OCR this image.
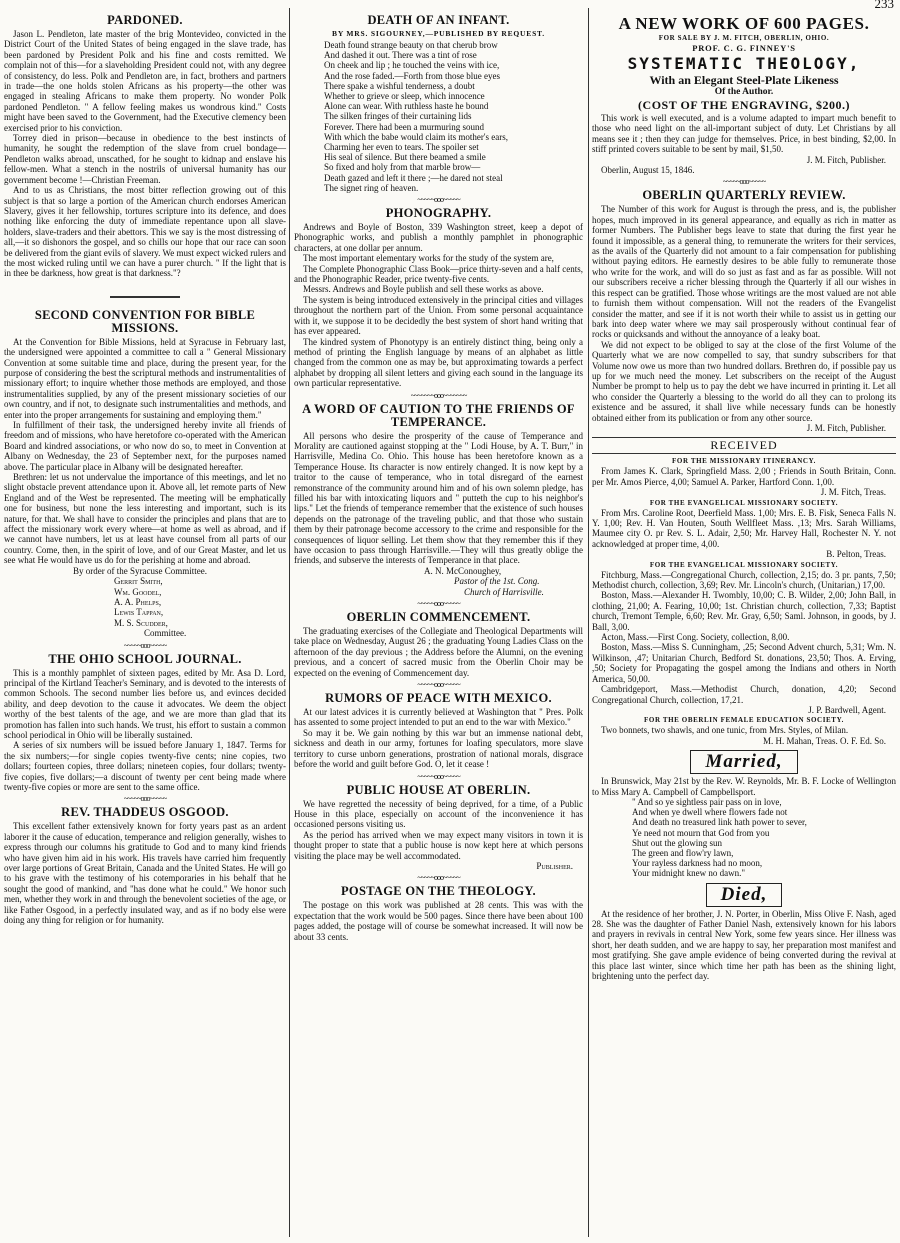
233
PARDONED.

Jason L. Pendleton, late master of the brig Montevideo, convicted in the District Court of the United States of being engaged in the slave trade, has been pardoned by President Polk and his fine and costs remitted. We complain not of this—for a slaveholding President could not, with any degree of consistency, do less. Polk and Pendleton are, in fact, brothers and partners in trade—the one holds stolen Africans as his property—the other was engaged in stealing Africans to make them property. No wonder Polk pardoned Pendleton. " A fellow feeling makes us wondrous kind." Costs might have been saved to the Government, had the Executive clemency been exercised prior to his conviction.

Torrey died in prison—because in obedience to the best instincts of humanity, he sought the redemption of the slave from cruel bondage—Pendleton walks abroad, unscathed, for he sought to kidnap and enslave his fellow-men. What a stench in the nostrils of universal humanity has our government become !—Christian Freeman.

And to us as Christians, the most bitter reflection growing out of this subject is that so large a portion of the American church endorses American Slavery, gives it her fellowship, tortures scripture into its defence, and does nothing like enforcing the duty of immediate repentance upon all slave-holders, slave-traders and their abettors. This we say is the most distressing of all,—it so dishonors the gospel, and so chills our hope that our race can soon be delivered from the giant evils of slavery. We must expect wicked rulers and the most wicked ruling until we can have a purer church. " If the light that is in thee be darkness, how great is that darkness."?

SECOND CONVENTION FOR BIBLE MISSIONS.

At the Convention for Bible Missions, held at Syracuse in February last, the undersigned were appointed a committee to call a " General Missionary Convention at some suitable time and place, during the present year, for the purpose of considering the best the scriptural methods and instrumentalities of missionary effort; to inquire whether those methods are employed, and those instrumentalities supplied, by any of the present missionary societies of our own country, and if not, to designate such instrumentalities and methods, and enter into the proper arrangements for sustaining and employing them."

In fulfillment of their task, the undersigned hereby invite all friends of freedom and of missions, who have heretofore co-operated with the American Board and kindred associations, or who now do so, to meet in Convention at Albany on Wednesday, the 23 of September next, for the purposes named above. The particular place in Albany will be designated hereafter.

Brethren: let us not undervalue the importance of this meetings, and let no slight obstacle prevent attendance upon it. Above all, let remote parts of New England and of the West be represented. The meeting will be emphatically one for business, but none the less interesting and important, such is its nature, for that. We shall have to consider the principles and plans that are to affect the missionary work every where—at home as well as abroad, and if we cannot have numbers, let us at least have counsel from all parts of our country. Come, then, in the spirit of love, and of our Great Master, and let us see what He would have us do for the perishing at home and abroad.

By order of the Syracuse Committee.
Gerrit Smith,
Wm. Goodel,
A. A. Phelps,
Lewis Tappan,
M. S. Scudder,
Committee.
~~~~~ooo~~~~~
THE OHIO SCHOOL JOURNAL.

This is a monthly pamphlet of sixteen pages, edited by Mr. Asa D. Lord, principal of the Kirtland Teacher's Seminary, and is devoted to the interests of common Schools. The second number lies before us, and evinces decided ability, and deep devotion to the cause it advocates. We deem the object worthy of the best talents of the age, and we are more than glad that its promotion has fallen into such hands. We trust, his effort to sustain a common school periodical in Ohio will be liberally sustained.

A series of six numbers will be issued before January 1, 1847. Terms for the six numbers;—for single copies twenty-five cents; nine copies, two dollars; fourteen copies, three dollars; nineteen copies, four dollars; twenty-five copies, five dollars;—a discount of twenty per cent being made where twenty-five copies or more are sent to the same office.

~~~~~ooo~~~~~
REV. THADDEUS OSGOOD.

This excellent father extensively known for forty years past as an ardent laborer it the cause of education, temperance and religion generally, wishes to express through our columns his gratitude to God and to many kind friends who have given him aid in his work. His travels have carried him frequently over large portions of Great Britain, Canada and the United States. He will go to his grave with the testimony of his cotemporaries in his behalf that he sought the good of mankind, and "has done what he could." We honor such men, whether they work in and through the benevolent societies of the age, or like Father Osgood, in a perfectly insulated way, and as if no body else were doing any thing for religion or for humanity.

DEATH OF AN INFANT.
BY MRS. SIGOURNEY,—PUBLISHED BY REQUEST.
Death found strange beauty on that cherub brow
And dashed it out. There was a tint of rose
On cheek and lip ; he touched the veins with ice,
And the rose faded.—Forth from those blue eyes
There spake a wishful tenderness, a doubt
Whether to grieve or sleep, which innocence
Alone can wear. With ruthless haste he bound
The silken fringes of their curtaining lids
Forever. There had been a murmuring sound
With which the babe would claim its mother's ears,
Charming her even to tears. The spoiler set
His seal of silence. But there beamed a smile
So fixed and holy from that marble brow—
Death gazed and left it there ;—he dared not steal
The signet ring of heaven.
~~~~~ooo~~~~~
PHONOGRAPHY.

Andrews and Boyle of Boston, 339 Washington street, keep a depot of Phonographic works, and publish a monthly pamphlet in phonographic characters, at one dollar per annum.

The most important elementary works for the study of the system are,

The Complete Phonographic Class Book—price thirty-seven and a half cents, and the Phonographic Reader, price twenty-five cents.

Messrs. Andrews and Boyle publish and sell these works as above.

The system is being introduced extensively in the principal cities and villages throughout the northern part of the Union. From some personal acquaintance with it, we suppose it to be decidedly the best system of short hand writing that has ever appeared.

The kindred system of Phonotypy is an entirely distinct thing, being only a method of printing the English language by means of an alphabet as little changed from the common one as may be, but approximating towards a perfect alphabet by dropping all silent letters and giving each sound in the language its own particular representative.

~~~~~~~ooo~~~~~~~
A WORD OF CAUTION TO THE FRIENDS OF TEMPERANCE.

All persons who desire the prosperity of the cause of Temperance and Morality are cautioned against stopping at the " Lodi House, by A. T. Burr," in Harrisville, Medina Co. Ohio. This house has been heretofore known as a Temperance House. Its character is now entirely changed. It is now kept by a traitor to the cause of temperance, who in total disregard of the earnest remonstrance of the community around him and of his own solemn pledge, has filled his bar with intoxicating liquors and " putteth the cup to his neighbor's lips." Let the friends of temperance remember that the existence of such houses depends on the patronage of the traveling public, and that those who sustain them by their patronage become accessory to the crime and responsible for the consequences of liquor selling. Let them show that they remember this if they have occasion to pass through Harrisville.—They will thus greatly oblige the friends, and subserve the interests of Temperance in that place.

A. N. McConoughey,
Pastor of the 1st. Cong.
Church of Harrisville.
~~~~~ooo~~~~~
OBERLIN COMMENCEMENT.

The graduating exercises of the Collegiate and Theological Departments will take place on Wednesday, August 26 ; the graduating Young Ladies Class on the afternoon of the day previous ; the Address before the Alumni, on the evening previous, and a concert of sacred music from the Oberlin Choir may be expected on the evening of Commencement day.

~~~~~ooo~~~~~
RUMORS OF PEACE WITH MEXICO.

At our latest advices it is currently believed at Washington that " Pres. Polk has assented to some project intended to put an end to the war with Mexico."

So may it be. We gain nothing by this war but an immense national debt, sickness and death in our army, fortunes for loafing speculators, more slave territory to curse unborn generations, prostration of national morals, disgrace before the world and guilt before God. O, let it cease !

~~~~~ooo~~~~~
PUBLIC HOUSE AT OBERLIN.

We have regretted the necessity of being deprived, for a time, of a Public House in this place, especially on account of the inconvenience it has occasioned persons visiting us.

As the period has arrived when we may expect many visitors in town it is thought proper to state that a public house is now kept here at which persons visiting the place may be well accommodated.

Publisher.
~~~~~ooo~~~~~
POSTAGE ON THE THEOLOGY.

The postage on this work was published at 28 cents. This was with the expectation that the work would be 500 pages. Since there have been about 100 pages added, the postage will of course be somewhat increased. It will now be about 33 cents.

A NEW WORK OF 600 PAGES.
FOR SALE BY J. M. FITCH, OBERLIN, OHIO.
PROF. C. G. FINNEY'S
SYSTEMATIC THEOLOGY,
With an Elegant Steel-Plate Likeness
Of the Author.
(COST OF THE ENGRAVING, $200.)

This work is well executed, and is a volume adapted to impart much benefit to those who need light on the all-important subject of duty. Let Christians by all means see it ; then they can judge for themselves. Price, in best binding, $2,00. In stiff printed covers suitable to be sent by mail, $1,50.

J. M. Fitch, Publisher.

Oberlin, August 15, 1846.

~~~~~ooo~~~~~
OBERLIN QUARTERLY REVIEW.

The Number of this work for August is through the press, and is, the publisher hopes, much improved in its general appearance, and equally as rich in matter as former Numbers. The Publisher begs leave to state that during the first year he found it impossible, as a general thing, to remunerate the writers for their services, as the avails of the Quarterly did not amount to a fair compensation for publishing without paying editors. He earnestly desires to be able fully to remunerate those who write for the work, and will do so just as fast and as far as possible. Will not our subscribers receive a richer blessing through the Quarterly if all our wishes in this respect can be gratified. Those whose writings are the most valued are not able to furnish them without compensation. Will not the readers of the Evangelist consider the matter, and see if it is not worth their while to assist us in getting our bark into deep water where we may sail prosperously without continual fear of rocks or quicksands and without the annoyance of a leaky boat.

We did not expect to be obliged to say at the close of the first Volume of the Quarterly what we are now compelled to say, that sundry subscribers for that Volume now owe us more than two hundred dollars. Brethren do, if possible pay us up for we much need the money. Let subscribers on the receipt of the August Number be prompt to help us to pay the debt we have incurred in printing it. Let all who consider the Quarterly a blessing to the world do all they can to prolong its existence and be assured, it shall live while necessary funds can be honestly obtained either from its publication or from any other source.

J. M. Fitch, Publisher.
RECEIVED
FOR THE MISSIONARY ITINERANCY.

From James K. Clark, Springfield Mass. 2,00 ; Friends in South Britain, Conn. per Mr. Amos Pierce, 4,00; Samuel A. Parker, Hartford Conn. 1,00.

J. M. Fitch, Treas.
FOR THE EVANGELICAL MISSIONARY SOCIETY.

From Mrs. Caroline Root, Deerfield Mass. 1,00; Mrs. E. B. Fisk, Seneca Falls N. Y. 1,00; Rev. H. Van Houten, South Wellfleet Mass. ,13; Mrs. Sarah Williams, Maumee city O. pr Rev. S. L. Adair, 2,50; Mr. Harvey Hall, Rochester N. Y. not acknowledged at proper time, 4,00.

B. Pelton, Treas.
FOR THE EVANGELICAL MISSIONARY SOCIETY.

Fitchburg, Mass.—Congregational Church, collection, 2,15; do. 3 pr. pants, 7,50; Methodist church, collection, 3,69; Rev. Mr. Lincoln's church, (Unitarian,) 17,00.

Boston, Mass.—Alexander H. Twombly, 10,00; C. B. Wilder, 2,00; John Ball, in clothing, 21,00; A. Fearing, 10,00; 1st. Christian church, collection, 7,33; Baptist church, Tremont Temple, 6,60; Rev. Mr. Gray, 6,50; Saml. Johnson, in goods, by J. Ball, 3,00.

Acton, Mass.—First Cong. Society, collection, 8,00.

Boston, Mass.—Miss S. Cunningham, ,25; Second Advent church, 5,31; Wm. N. Wilkinson, ,47; Unitarian Church, Bedford St. donations, 23,50; Thos. A. Erving, ,50; Society for Propagating the gospel among the Indians and others in North America, 50,00.

Cambridgeport, Mass.—Methodist Church, donation, 4,20; Second Congregational Church, collection, 17,21.

J. P. Bardwell, Agent.
FOR THE OBERLIN FEMALE EDUCATION SOCIETY.

Two bonnets, two shawls, and one tunic, from Mrs. Styles, of Milan.

M. H. Mahan, Treas. O. F. Ed. So.
Married,

In Brunswick, May 21st by the Rev. W. Reynolds, Mr. B. F. Locke of Wellington to Miss Mary A. Campbell of Campbellsport.

" And so ye sightless pair pass on in love,
And when ye dwell where flowers fade not
And death no treasured link hath power to sever,
Ye need not mourn that God from you
Shut out the glowing sun
The green and flow'ry lawn,
Your rayless darkness had no moon,
Your midnight knew no dawn."
Died,

At the residence of her brother, J. N. Porter, in Oberlin, Miss Olive F. Nash, aged 28. She was the daughter of Father Daniel Nash, extensively known for his labors and prayers in revivals in central New York, some few years since. Her illness was short, her death sudden, and we are happy to say, her preparation most manifest and most gratifying. She gave ample evidence of being converted during the revival at this place last winter, since which time her path has been as the shining light, brightening unto the perfect day.
